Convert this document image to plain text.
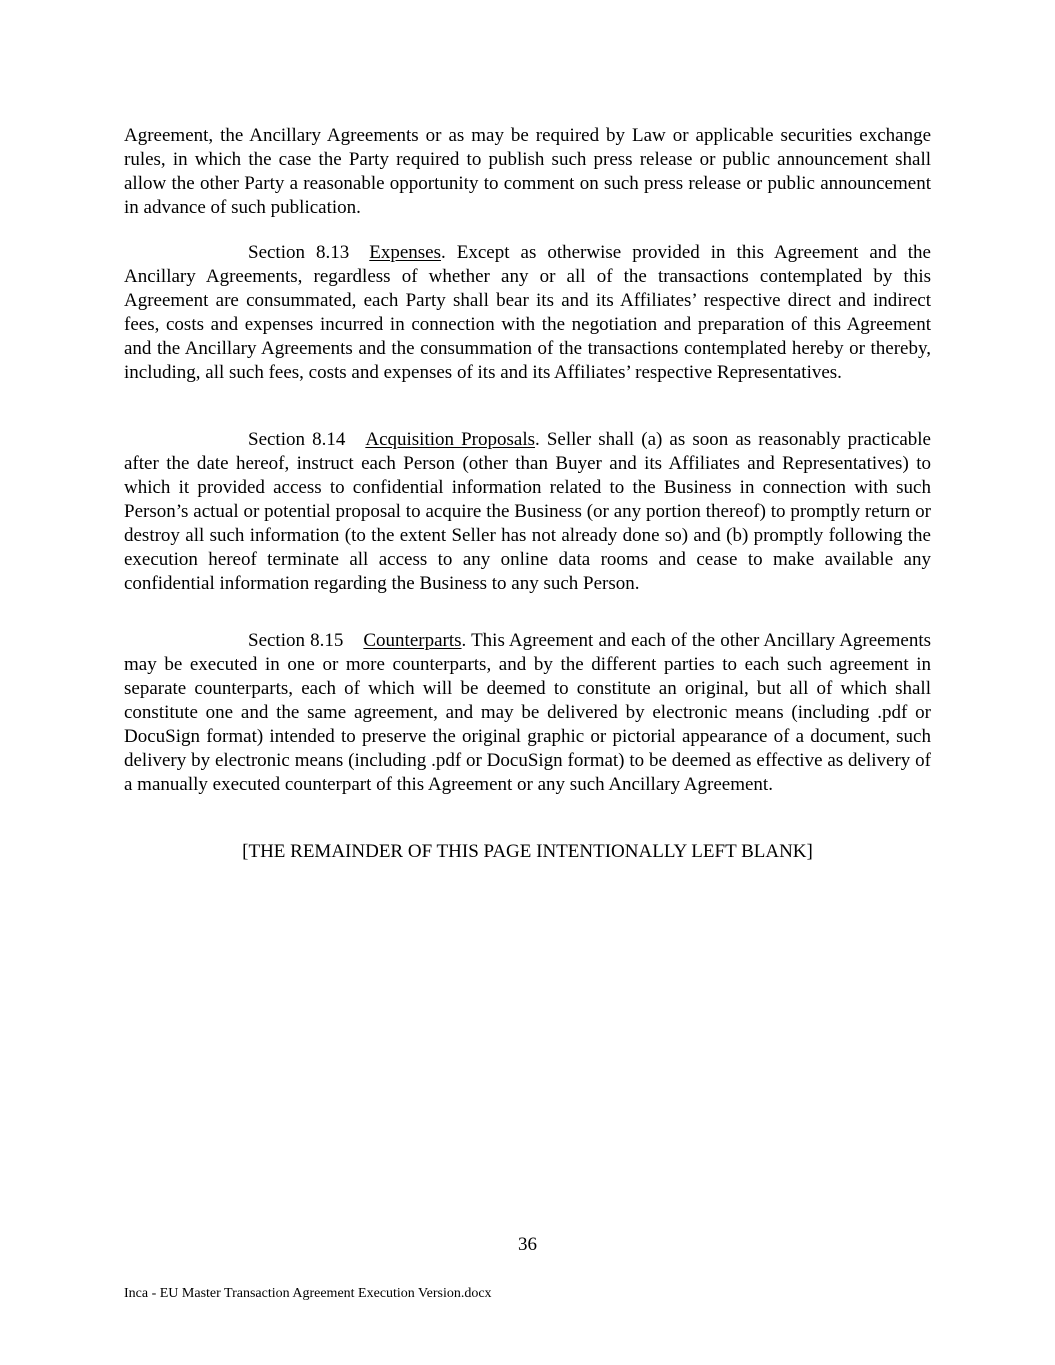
Agreement, the Ancillary Agreements or as may be required by Law or applicable securities exchange rules, in which the case the Party required to publish such press release or public announcement shall allow the other Party a reasonable opportunity to comment on such press release or public announcement in advance of such publication.

Section 8.13 Expenses. Except as otherwise provided in this Agreement and the Ancillary Agreements, regardless of whether any or all of the transactions contemplated by this Agreement are consummated, each Party shall bear its and its Affiliates’ respective direct and indirect fees, costs and expenses incurred in connection with the negotiation and preparation of this Agreement and the Ancillary Agreements and the consummation of the transactions contemplated hereby or thereby, including, all such fees, costs and expenses of its and its Affiliates’ respective Representatives.

Section 8.14 Acquisition Proposals. Seller shall (a) as soon as reasonably practicable after the date hereof, instruct each Person (other than Buyer and its Affiliates and Representatives) to which it provided access to confidential information related to the Business in connection with such Person’s actual or potential proposal to acquire the Business (or any portion thereof) to promptly return or destroy all such information (to the extent Seller has not already done so) and (b) promptly following the execution hereof terminate all access to any online data rooms and cease to make available any confidential information regarding the Business to any such Person.

Section 8.15 Counterparts. This Agreement and each of the other Ancillary Agreements may be executed in one or more counterparts, and by the different parties to each such agreement in separate counterparts, each of which will be deemed to constitute an original, but all of which shall constitute one and the same agreement, and may be delivered by electronic means (including .pdf or DocuSign format) intended to preserve the original graphic or pictorial appearance of a document, such delivery by electronic means (including .pdf or DocuSign format) to be deemed as effective as delivery of a manually executed counterpart of this Agreement or any such Ancillary Agreement.

[THE REMAINDER OF THIS PAGE INTENTIONALLY LEFT BLANK]
36
Inca - EU Master Transaction Agreement Execution Version.docx
